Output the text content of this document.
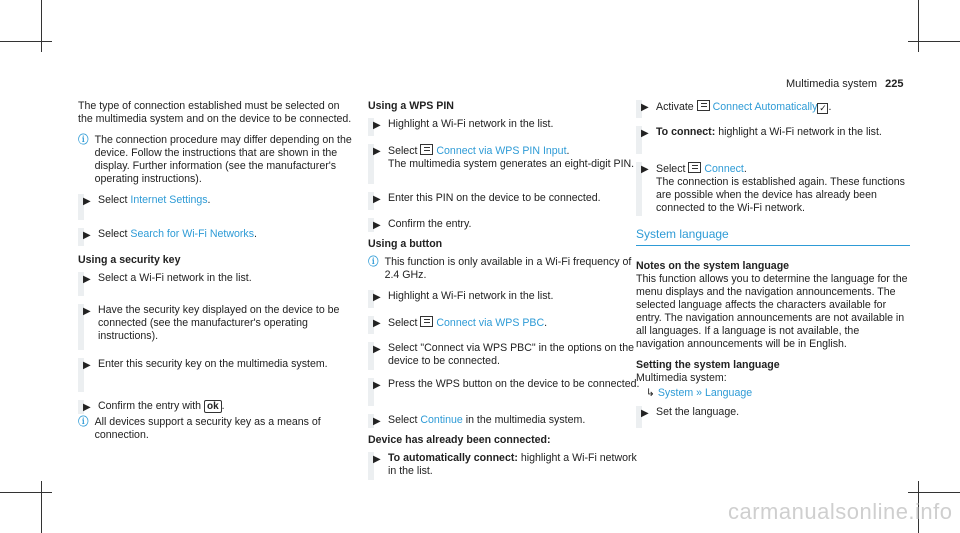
Multimedia system 225

The type of connection established must be selected on the multimedia system and on the device to be connected.

ⓘ The connection procedure may differ depending on the device. Follow the instructions that are shown in the display. Further information (see the manufacturer's operating instructions).

▶ Select Internet Settings.
▶ Select Search for Wi-Fi Networks.
Using a security key
▶ Select a Wi-Fi network in the list.
▶ Have the security key displayed on the device to be connected (see the manufacturer's operating instructions).
▶ Enter this security key on the multimedia system.
▶ Confirm the entry with ok .
ⓘ All devices support a security key as a means of connection.

Using a WPS PIN
▶ Highlight a Wi-Fi network in the list.
▶ Select Connect via WPS PIN Input.
The multimedia system generates an eight-digit PIN.
▶ Enter this PIN on the device to be connected.
▶ Confirm the entry.
Using a button
ⓘ This function is only available in a Wi-Fi frequency of 2.4 GHz.

▶ Highlight a Wi-Fi network in the list.
▶ Select Connect via WPS PBC.
▶ Select "Connect via WPS PBC" in the options on the device to be connected.
▶ Press the WPS button on the device to be connected.
▶ Select Continue in the multimedia system.
Device has already been connected:
▶ To automatically connect: highlight a Wi-Fi network in the list.
▶ Activate Connect Automatically ✓ .
▶ To connect: highlight a Wi-Fi network in the list.
▶ Select Connect.
The connection is established again. These functions are possible when the device has already been connected to the Wi-Fi network.
System language
Notes on the system language

This function allows you to determine the language for the menu displays and the navigation announcements. The selected language affects the characters available for entry. The navigation announcements are not available in all languages. If a language is not available, the navigation announcements will be in English.

Setting the system language
Multimedia system:
↳ System » Language
▶ Set the language.
carmanualsonline.info
